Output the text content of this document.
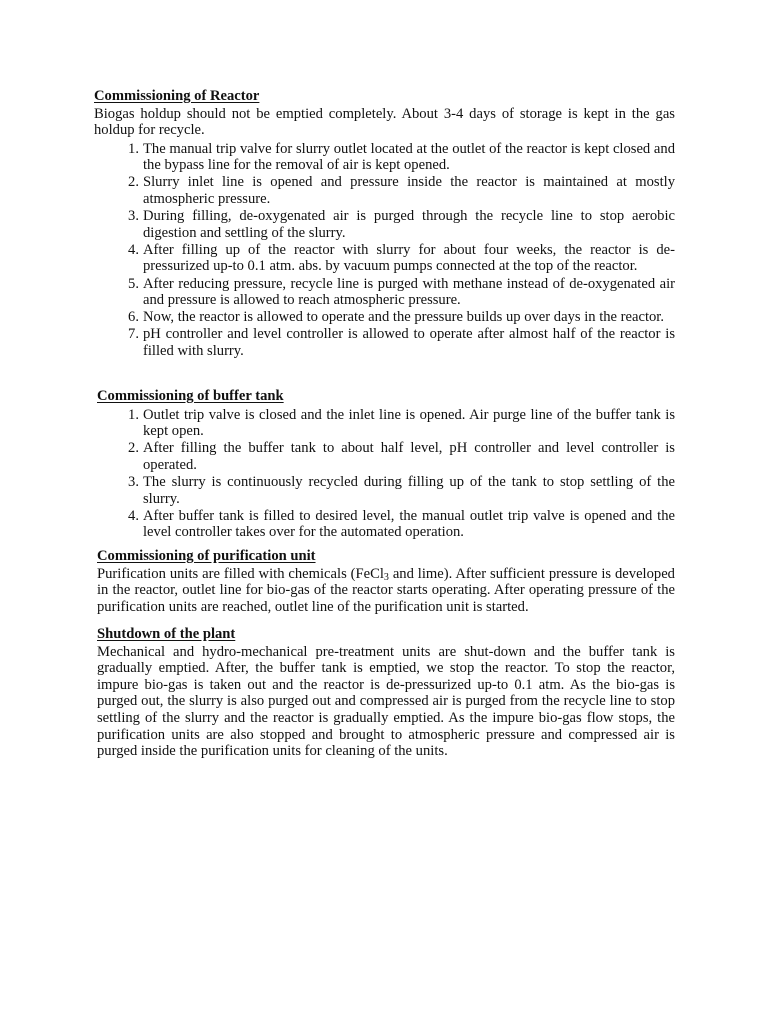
Commissioning of Reactor

Biogas holdup should not be emptied completely. About 3-4 days of storage is kept in the gas holdup for recycle.

1. The manual trip valve for slurry outlet located at the outlet of the reactor is kept closed and the bypass line for the removal of air is kept opened.
2. Slurry inlet line is opened and pressure inside the reactor is maintained at mostly atmospheric pressure.
3. During filling, de-oxygenated air is purged through the recycle line to stop aerobic digestion and settling of the slurry.
4. After filling up of the reactor with slurry for about four weeks, the reactor is de-pressurized up-to 0.1 atm. abs. by vacuum pumps connected at the top of the reactor.
5. After reducing pressure, recycle line is purged with methane instead of de-oxygenated air and pressure is allowed to reach atmospheric pressure.
6. Now, the reactor is allowed to operate and the pressure builds up over days in the reactor.
7. pH controller and level controller is allowed to operate after almost half of the reactor is filled with slurry.

Commissioning of buffer tank

1. Outlet trip valve is closed and the inlet line is opened. Air purge line of the buffer tank is kept open.
2. After filling the buffer tank to about half level, pH controller and level controller is operated.
3. The slurry is continuously recycled during filling up of the tank to stop settling of the slurry.
4. After buffer tank is filled to desired level, the manual outlet trip valve is opened and the level controller takes over for the automated operation.

Commissioning of purification unit

Purification units are filled with chemicals (FeCl$_3$ and lime). After sufficient pressure is developed in the reactor, outlet line for bio-gas of the reactor starts operating. After operating pressure of the purification units are reached, outlet line of the purification unit is started.

Shutdown of the plant

Mechanical and hydro-mechanical pre-treatment units are shut-down and the buffer tank is gradually emptied. After, the buffer tank is emptied, we stop the reactor. To stop the reactor, impure bio-gas is taken out and the reactor is de-pressurized up-to 0.1 atm. As the bio-gas is purged out, the slurry is also purged out and compressed air is purged from the recycle line to stop settling of the slurry and the reactor is gradually emptied. As the impure bio-gas flow stops, the purification units are also stopped and brought to atmospheric pressure and compressed air is purged inside the purification units for cleaning of the units.
